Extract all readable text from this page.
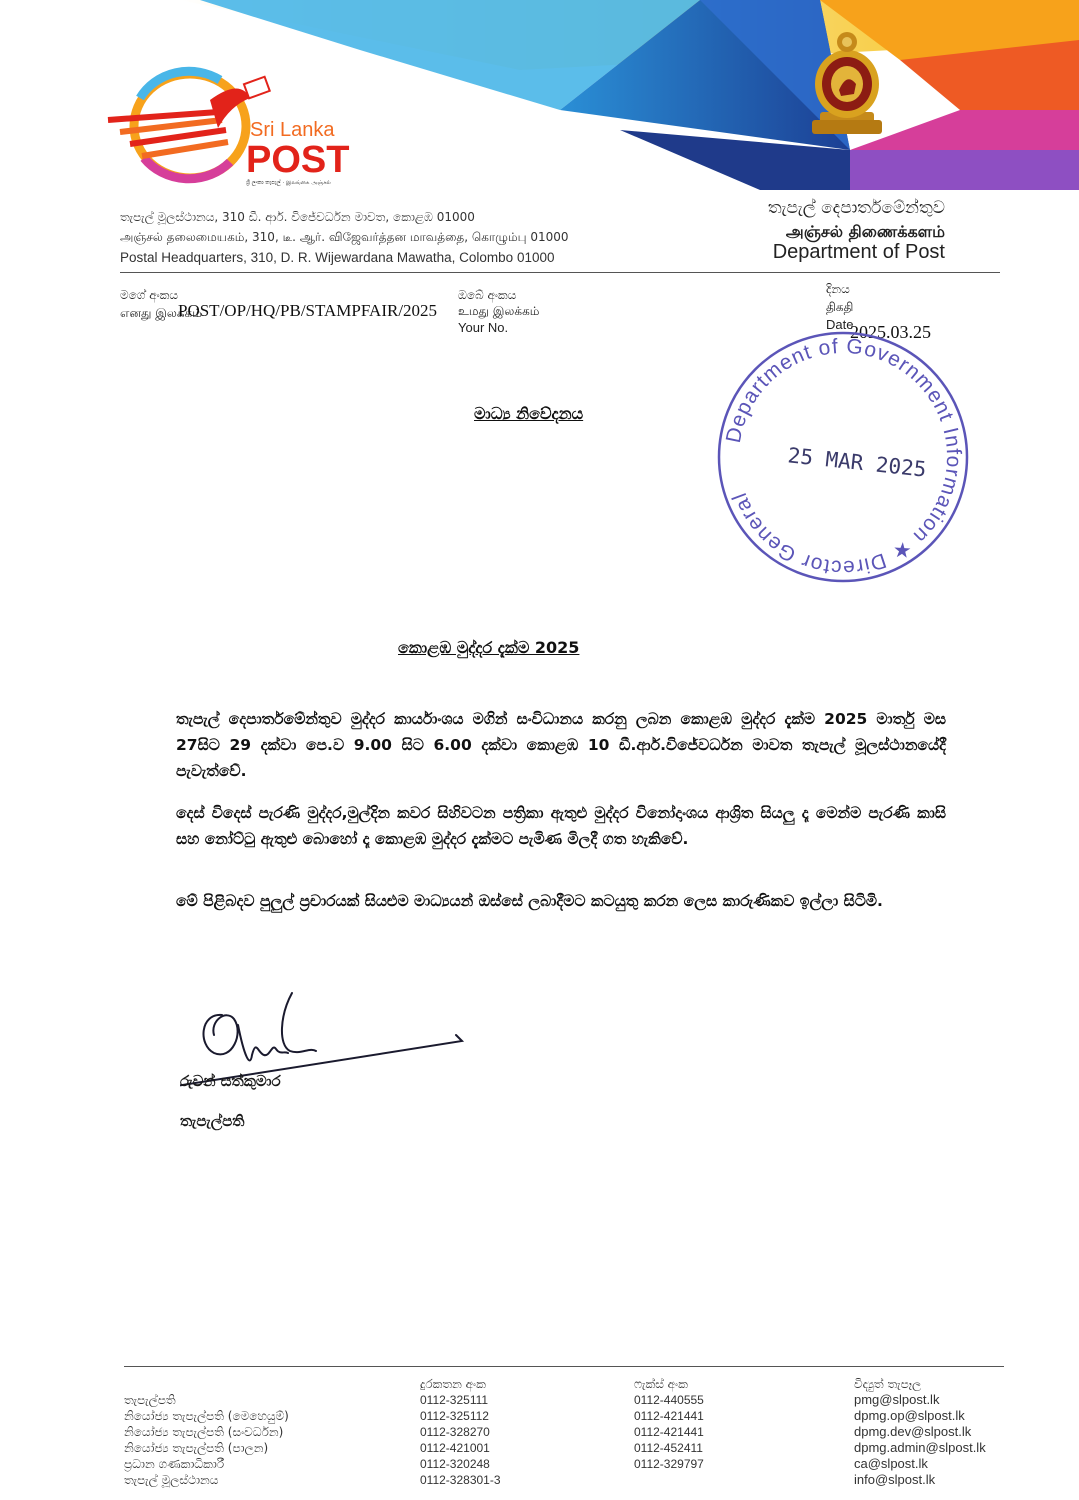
Sri Lanka
POST
ශ්‍රී ලංකා තැපැල් · இலங்கை அஞ்சல்
තැපැල් මූලස්ථානය, 310 ඩී. ආර්. විජේවර්ධන මාවත, කොළඹ 01000
அஞ்சல் தலைமையகம், 310, டீ. ஆர். விஜேவர்த்தன மாவத்தை, கொழும்பு 01000
Postal Headquarters, 310, D. R. Wijewardana Mawatha, Colombo 01000
තැපැල් දෙපාර්තමේන්තුව
அஞ்சல் திணைக்களம்
Department of Post
මගේ අංකය
எனது இலக்கம்
POST/OP/HQ/PB/STAMPFAIR/2025
ඔබේ අංකය
உமது இலக்கம்
Your No.
දිනය
திகதி
Date
2025.03.25
Department of Government Information ★ Director General
25 MAR 2025
මාධ්‍ය නිවේදනය
කොළඹ මුද්දර දැක්ම 2025

තැපැල් දෙපාර්තමේන්තුව මුද්දර කාර්යාංශය මගින් සංවිධානය කරනු ලබන කොළඹ මුද්දර දැක්ම 2025 මාර්තු මස 27සිට 29 දක්වා පෙ.ව 9.00 සිට 6.00 දක්වා කොළඹ 10 ඩී.ආර්.විජේවර්ධන මාවත තැපැල් මූලස්ථානයේදී පැවැත්වේ.

දෙස් විදෙස් පැරණි මුද්දර,මුල්දින කවර සිහිවටන පත්‍රිකා ඇතුළු මුද්දර විනෝදාංශය ආශ්‍රිත සියලු දෑ මෙන්ම පැරණි කාසි සහ නෝට්ටු ඇතුළු බොහෝ දෑ කොළඹ මුද්දර දැක්මට පැමිණ මිලදී ගත හැකිවේ.

මේ පිළිබදව පුලුල් ප්‍රචාරයක් සියළුම මාධ්‍යයන් ඔස්සේ ලබාදීමට කටයුතු කරන ලෙස කාරුණිකව ඉල්ලා සිටිමි.

රුවන් සත්කුමාර
තැපැල්පති
දුරකතන අංක	ෆැක්ස් අංක	විද්‍යුත් තැපෑල
තැපැල්පති
නියෝජ්‍ය තැපැල්පති (මෙහෙයුම්)
නියෝජ්‍ය තැපැල්පති (සංවර්ධන)
නියෝජ්‍ය තැපැල්පති (පාලන)
ප්‍රධාන ගණකාධිකාරී
තැපැල් මූලස්ථානය
0112-325111
0112-325112
0112-328270
0112-421001
0112-320248
0112-328301-3
0112-440555
0112-421441
0112-421441
0112-452411
0112-329797
pmg@slpost.lk
dpmg.op@slpost.lk
dpmg.dev@slpost.lk
dpmg.admin@slpost.lk
ca@slpost.lk
info@slpost.lk
